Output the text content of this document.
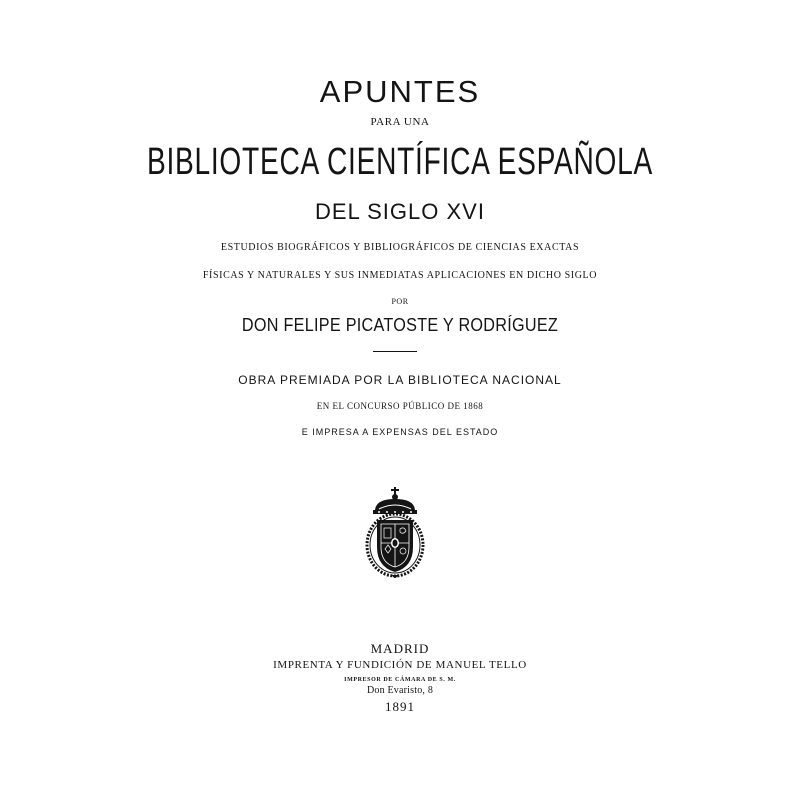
APUNTES
PARA UNA
BIBLIOTECA CIENTÍFICA ESPAÑOLA
DEL SIGLO XVI
ESTUDIOS BIOGRÁFICOS Y BIBLIOGRÁFICOS DE CIENCIAS EXACTAS
FÍSICAS Y NATURALES Y SUS INMEDIATAS APLICACIONES EN DICHO SIGLO
POR
DON FELIPE PICATOSTE Y RODRÍGUEZ
OBRA PREMIADA POR LA BIBLIOTECA NACIONAL
EN EL CONCURSO PÚBLICO DE 1868
E IMPRESA A EXPENSAS DEL ESTADO
MADRID
IMPRENTA Y FUNDICIÓN DE MANUEL TELLO
IMPRESOR DE CÁMARA DE S. M.
Don Evaristo, 8
1891
